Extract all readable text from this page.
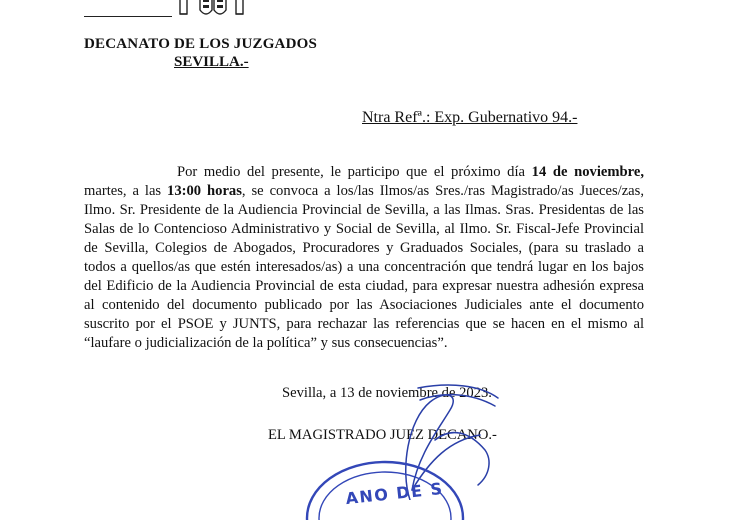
DECANATO DE LOS JUZGADOS
SEVILLA.-
Ntra Refª.: Exp. Gubernativo 94.-

Por medio del presente, le participo que el próximo día 14 de noviembre, martes, a las 13:00 horas, se convoca a los/las Ilmos/as Sres./ras Magistrado/as Jueces/zas, Ilmo. Sr. Presidente de la Audiencia Provincial de Sevilla, a las Ilmas. Sras. Presidentas de las Salas de lo Contencioso Administrativo y Social de Sevilla, al Ilmo. Sr. Fiscal-Jefe Provincial de Sevilla, Colegios de Abogados, Procuradores y Graduados Sociales, (para su traslado a todos a quellos/as que estén interesados/as) a una concentración que tendrá lugar en los bajos del Edificio de la Audiencia Provincial de esta ciudad, para expresar nuestra adhesión expresa al contenido del documento publicado por las Asociaciones Judiciales ante el documento suscrito por el PSOE y JUNTS, para rechazar las referencias que se hacen en el mismo al “laufare o judicialización de la política” y sus consecuencias”.

Sevilla, a 13 de noviembre de 2023.
EL MAGISTRADO JUEZ DECANO.-
ANO DE S
